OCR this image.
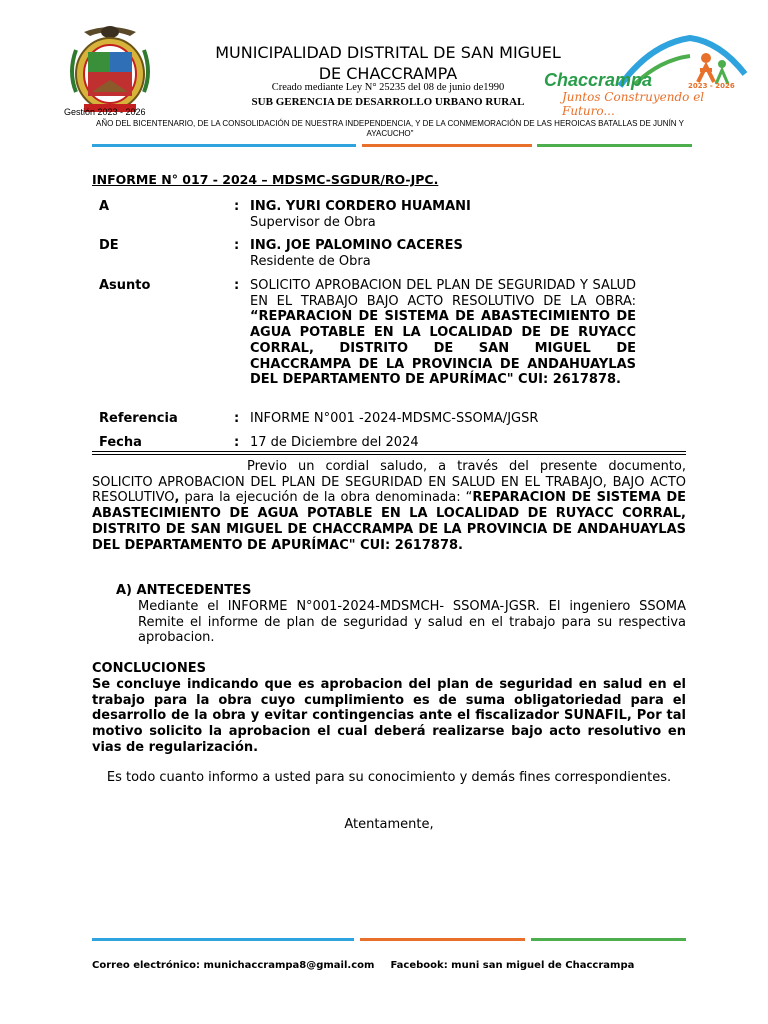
Gestión 2023 - 2026
MUNICIPALIDAD DISTRITAL DE SAN MIGUEL
DE CHACCRAMPA
Creado mediante Ley N° 25235 del 08 de junio de1990
SUB GERENCIA DE DESARROLLO URBANO RURAL
Chaccrampa	2023 - 2026
Juntos Construyendo el Futuro...
AÑO DEL BICENTENARIO, DE LA CONSOLIDACIÓN DE NUESTRA INDEPENDENCIA, Y DE LA CONMEMORACIÓN DE LAS HEROICAS BATALLAS DE JUNÍN Y AYACUCHO"
INFORME N° 017 - 2024 – MDSMC-SGDUR/RO-JPC.
A	: ING. YURI CORDERO HUAMANI
Supervisor de Obra
DE	: ING. JOE PALOMINO CACERES
Residente de Obra
Asunto	: SOLICITO APROBACION DEL PLAN DE SEGURIDAD Y SALUD EN EL TRABAJO BAJO ACTO RESOLUTIVO DE LA OBRA: “REPARACION DE SISTEMA DE ABASTECIMIENTO DE AGUA POTABLE EN LA LOCALIDAD DE DE RUYACC CORRAL, DISTRITO DE SAN MIGUEL DE CHACCRAMPA DE LA PROVINCIA DE ANDAHUAYLAS DEL DEPARTAMENTO DE APURÍMAC" CUI: 2617878.
Referencia	: INFORME N°001 -2024-MDSMC-SSOMA/JGSR
Fecha	: 17 de Diciembre del 2024
Previo un cordial saludo, a través del presente documento, SOLICITO APROBACION DEL PLAN DE SEGURIDAD EN SALUD EN EL TRABAJO, BAJO ACTO RESOLUTIVO, para la ejecución de la obra denominada: “REPARACION DE SISTEMA DE ABASTECIMIENTO DE AGUA POTABLE EN LA LOCALIDAD DE RUYACC CORRAL, DISTRITO DE SAN MIGUEL DE CHACCRAMPA DE LA PROVINCIA DE ANDAHUAYLAS DEL DEPARTAMENTO DE APURÍMAC" CUI: 2617878.
A) ANTECEDENTES
Mediante el INFORME N°001-2024-MDSMCH- SSOMA-JGSR. El ingeniero SSOMA Remite el informe de plan de seguridad y salud en el trabajo para su respectiva aprobacion.
CONCLUCIONES
Se concluye indicando que es aprobacion del plan de seguridad en salud en el trabajo para la obra cuyo cumplimiento es de suma obligatoriedad para el desarrollo de la obra y evitar contingencias ante el fiscalizador SUNAFIL, Por tal motivo solicito la aprobacion el cual deberá realizarse bajo acto resolutivo en vias de regularización.
Es todo cuanto informo a usted para su conocimiento y demás fines correspondientes.
Atentamente,
Correo electrónico: munichaccrampa8@gmail.com Facebook: muni san miguel de Chaccrampa
